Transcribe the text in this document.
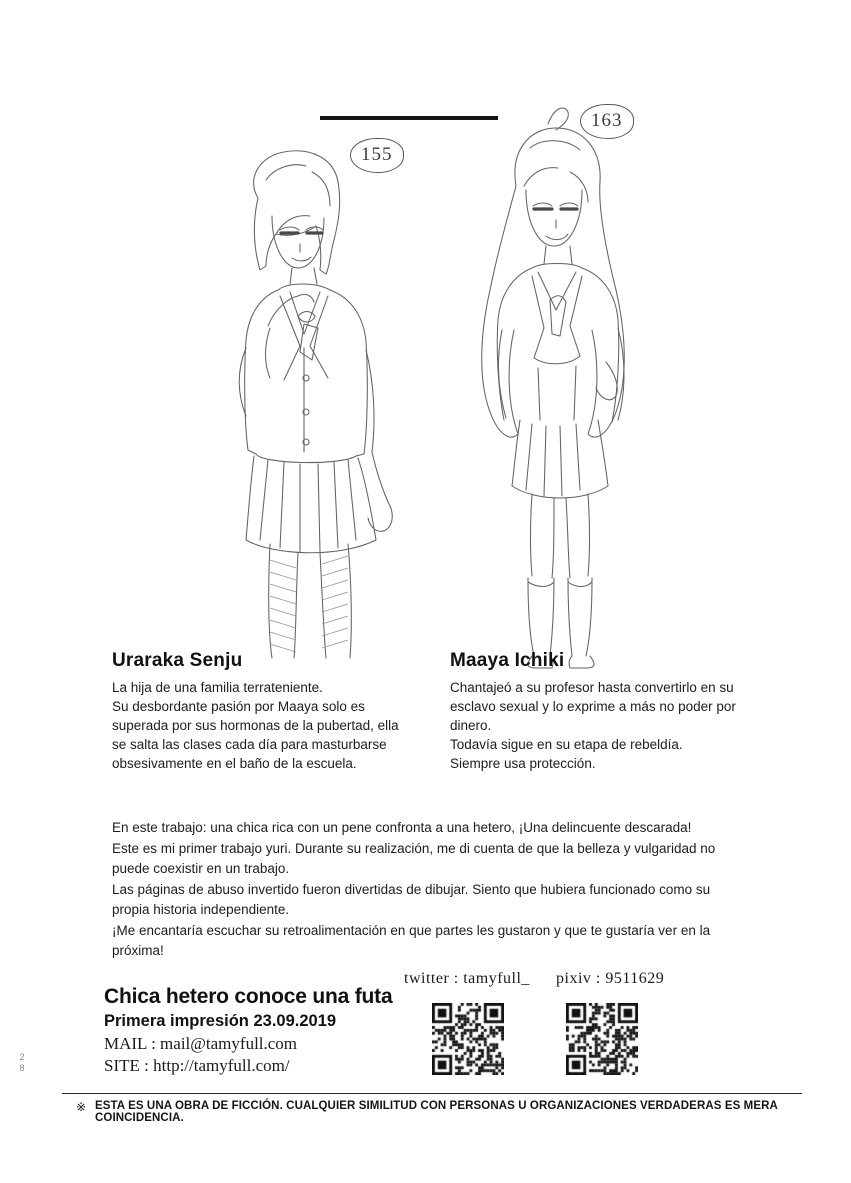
155
163
Uraraka Senju

La hija de una familia terrateniente.
Su desbordante pasión por Maaya solo es
superada por sus hormonas de la pubertad, ella
se salta las clases cada día para masturbarse
obsesivamente en el baño de la escuela.

Maaya Ichiki

Chantajeó a su profesor hasta convertirlo en su
esclavo sexual y lo exprime a más no poder por
dinero.
Todavía sigue en su etapa de rebeldía.
Siempre usa protección.

En este trabajo: una chica rica con un pene confronta a una hetero, ¡Una delincuente descarada!

Este es mi primer trabajo yuri. Durante su realización, me di cuenta de que la belleza y vulgaridad no

puede coexistir en un trabajo.

Las páginas de abuso invertido fueron divertidas de dibujar. Siento que hubiera funcionado como su

propia historia independiente.

¡Me encantaría escuchar su retroalimentación en que partes les gustaron y que te gustaría ver en la

próxima!

Chica hetero conoce una futa
Primera impresión 23.09.2019

MAIL : mail@tamyfull.com

SITE : http://tamyfull.com/

twitter : tamyfull_ pixiv : 9511629
※ ESTA ES UNA OBRA DE FICCIÓN. CUALQUIER SIMILITUD CON PERSONAS U ORGANIZACIONES VERDADERAS ES MERA COINCIDENCIA.
2
8
